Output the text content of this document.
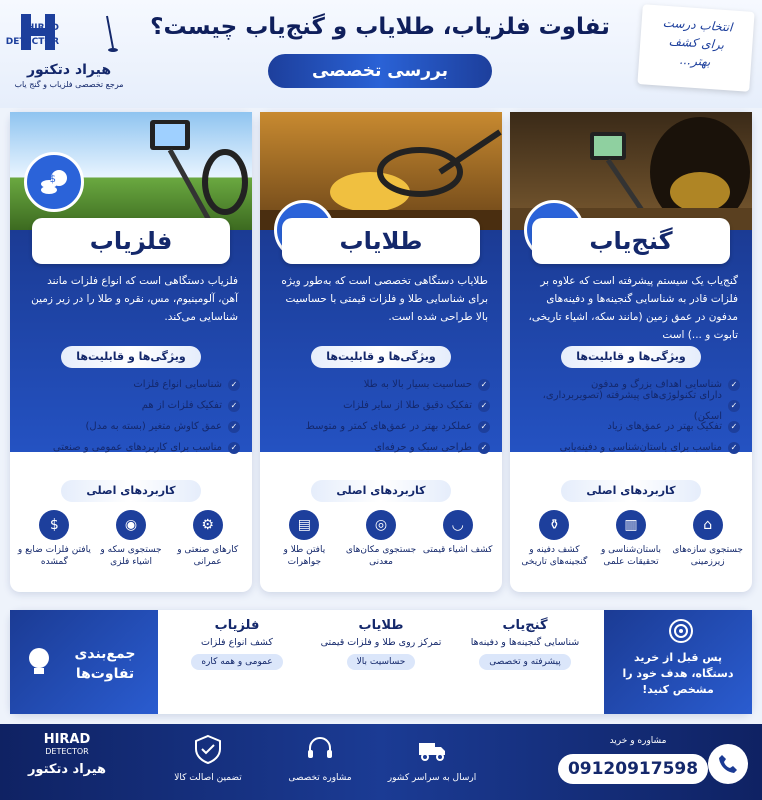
HIRAD
DETECTOR
هیراد دتکتور
مرجع تخصصی فلزیاب و گنج یاب
تفاوت فلزیاب، طلایاب و گنج‌یاب چیست؟
بررسی تخصصی
انتخاب درست
برای کشف
بهتر...
گنج‌یاب
گنج‌یاب یک سیستم پیشرفته است که علاوه بر فلزات قادر به شناسایی گنجینه‌ها و دفینه‌های مدفون در عمق زمین (مانند سکه، اشیاء تاریخی، تابوت و ...) است
ویژگی‌ها و قابلیت‌ها
✓
شناسایی اهداف بزرگ و مدفون
✓
دارای تکنولوژی‌های پیشرفته (تصویربرداری، اسکن)
✓
تفکیک بهتر در عمق‌های زیاد
✓
مناسب برای باستان‌شناسی و دفینه‌یابی
کاربردهای اصلی
⌂
جستجوی سازه‌های زیرزمینی
▥
باستان‌شناسی و تحقیقات علمی
⚱
کشف دفینه و گنجینه‌های تاریخی
طلایاب
طلایاب دستگاهی تخصصی است که به‌طور ویژه برای شناسایی طلا و فلزات قیمتی با حساسیت بالا طراحی شده است.
ویژگی‌ها و قابلیت‌ها
✓
حساسیت بسیار بالا به طلا
✓
تفکیک دقیق طلا از سایر فلزات
✓
عملکرد بهتر در عمق‌های کمتر و متوسط
✓
طراحی سبک و حرفه‌ای
کاربردهای اصلی
◡
کشف اشیاء قیمتی
◎
جستجوی مکان‌های معدنی
▤
یافتن طلا و جواهرات
$
فلزیاب
فلزیاب دستگاهی است که انواع فلزات مانند آهن، آلومینیوم، مس، نقره و طلا را در زیر زمین شناسایی می‌کند.
ویژگی‌ها و قابلیت‌ها
✓
شناسایی انواع فلزات
✓
تفکیک فلزات از هم
✓
عمق کاوش متغیر (بسته به مدل)
✓
مناسب برای کاربردهای عمومی و صنعتی
کاربردهای اصلی
⚙
کارهای صنعتی و عمرانی
◉
جستجوی سکه و اشیاء فلزی
$
یافتن فلزات ضایع و گمشده
پس قبل از خرید
دستگاه، هدف خود را
مشخص کنید!
گنج‌یاب
شناسایی گنجینه‌ها و دفینه‌ها
پیشرفته و تخصصی
طلایاب
تمرکز روی طلا و فلزات قیمتی
حساسیت بالا
فلزیاب
کشف انواع فلزات
عمومی و همه کاره
جمع‌بندی
تفاوت‌ها
HIRAD
DETECTOR
هیراد دتکتور
تضمین اصالت کالا	مشاوره تخصصی	ارسال به سراسر کشور
مشاوره و خرید
09120917598
